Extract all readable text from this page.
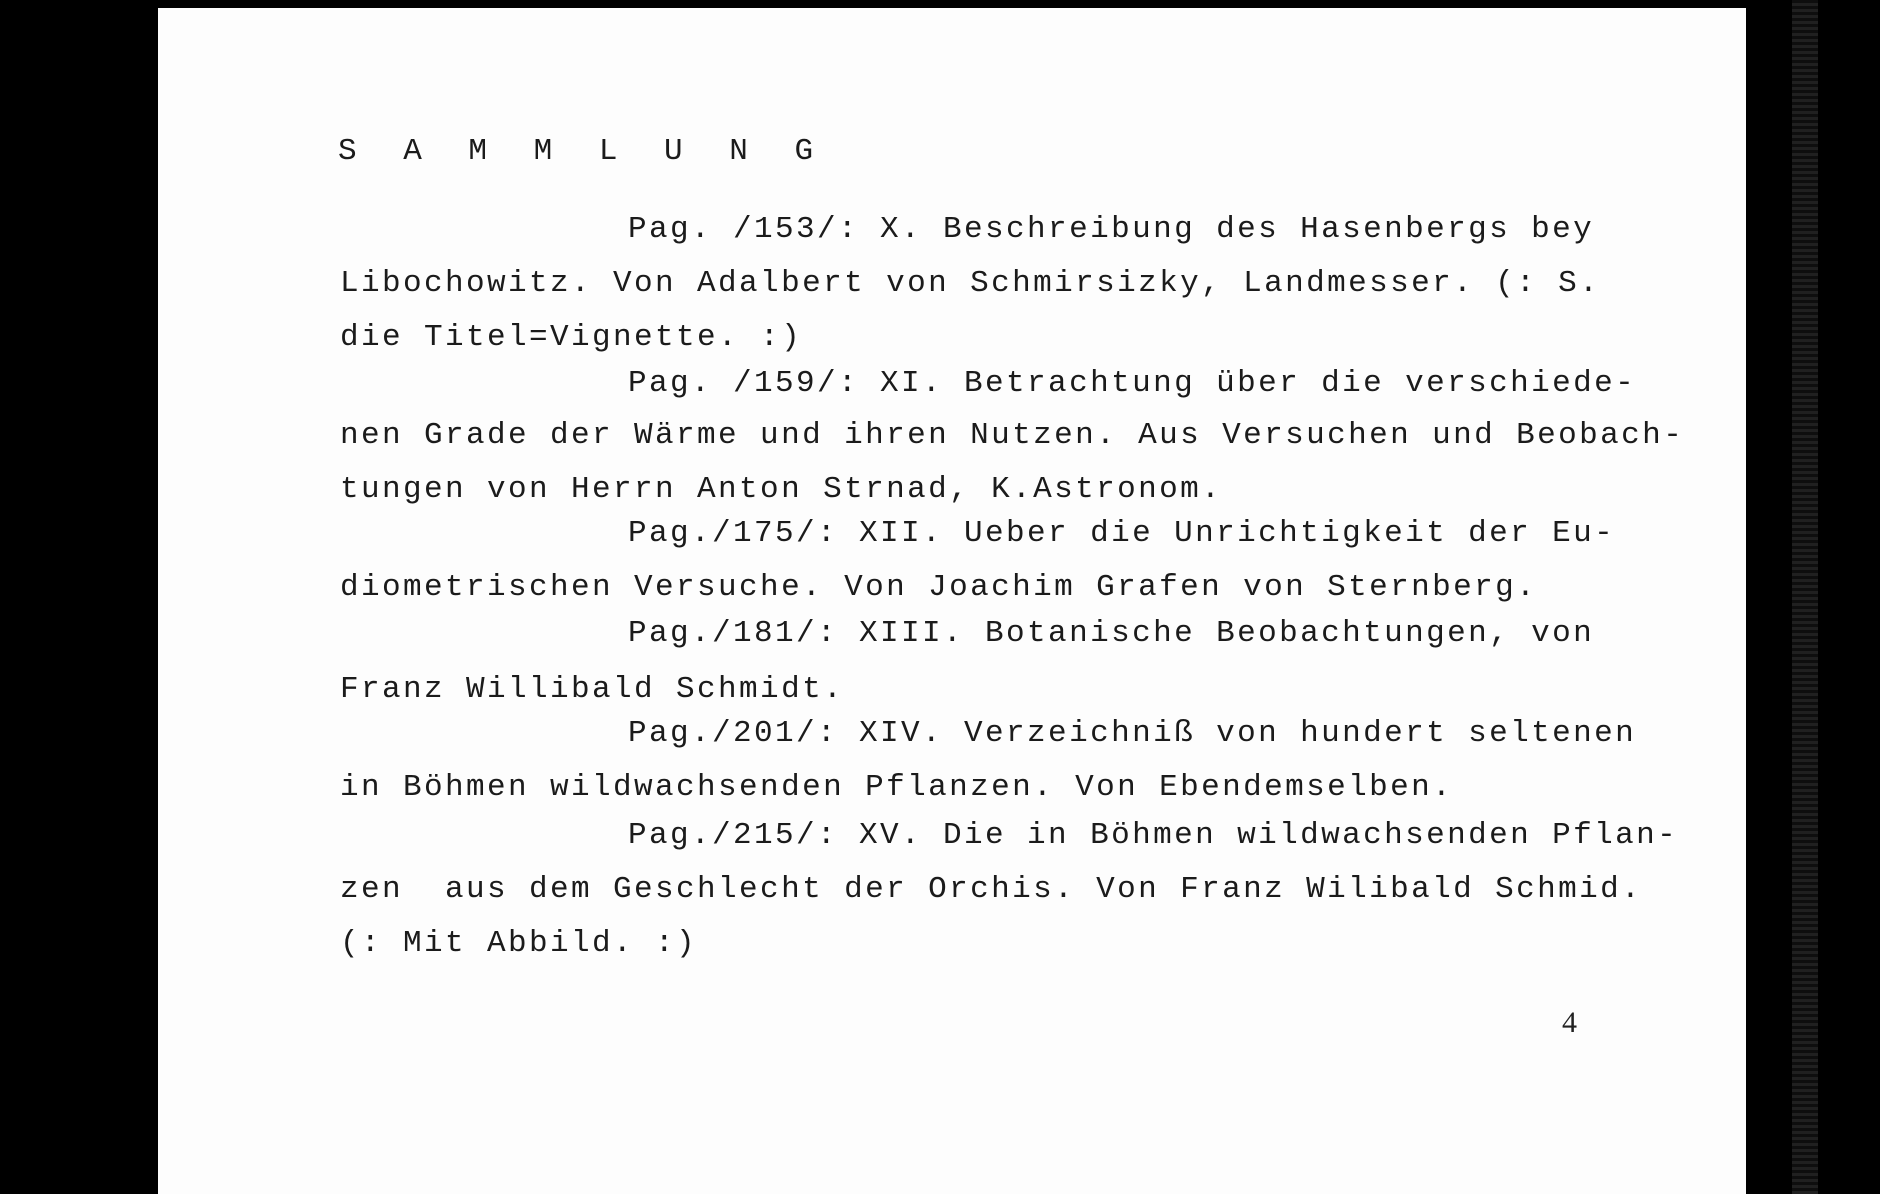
S A M M L U N G

Pag. /153/: X. Beschreibung des Hasenbergs bey

Libochowitz. Von Adalbert von Schmirsizky, Landmesser. (: S.

die Titel=Vignette. :)

Pag. /159/: XI. Betrachtung über die verschiede-

nen Grade der Wärme und ihren Nutzen. Aus Versuchen und Beobach-

tungen von Herrn Anton Strnad, K.Astronom.

Pag./175/: XII. Ueber die Unrichtigkeit der Eu-

diometrischen Versuche. Von Joachim Grafen von Sternberg.

Pag./181/: XIII. Botanische Beobachtungen, von

Franz Willibald Schmidt.

Pag./201/: XIV. Verzeichniß von hundert seltenen

in Böhmen wildwachsenden Pflanzen. Von Ebendemselben.

Pag./215/: XV. Die in Böhmen wildwachsenden Pflan-

zen  aus dem Geschlecht der Orchis. Von Franz Wilibald Schmid.

(: Mit Abbild. :)

4
